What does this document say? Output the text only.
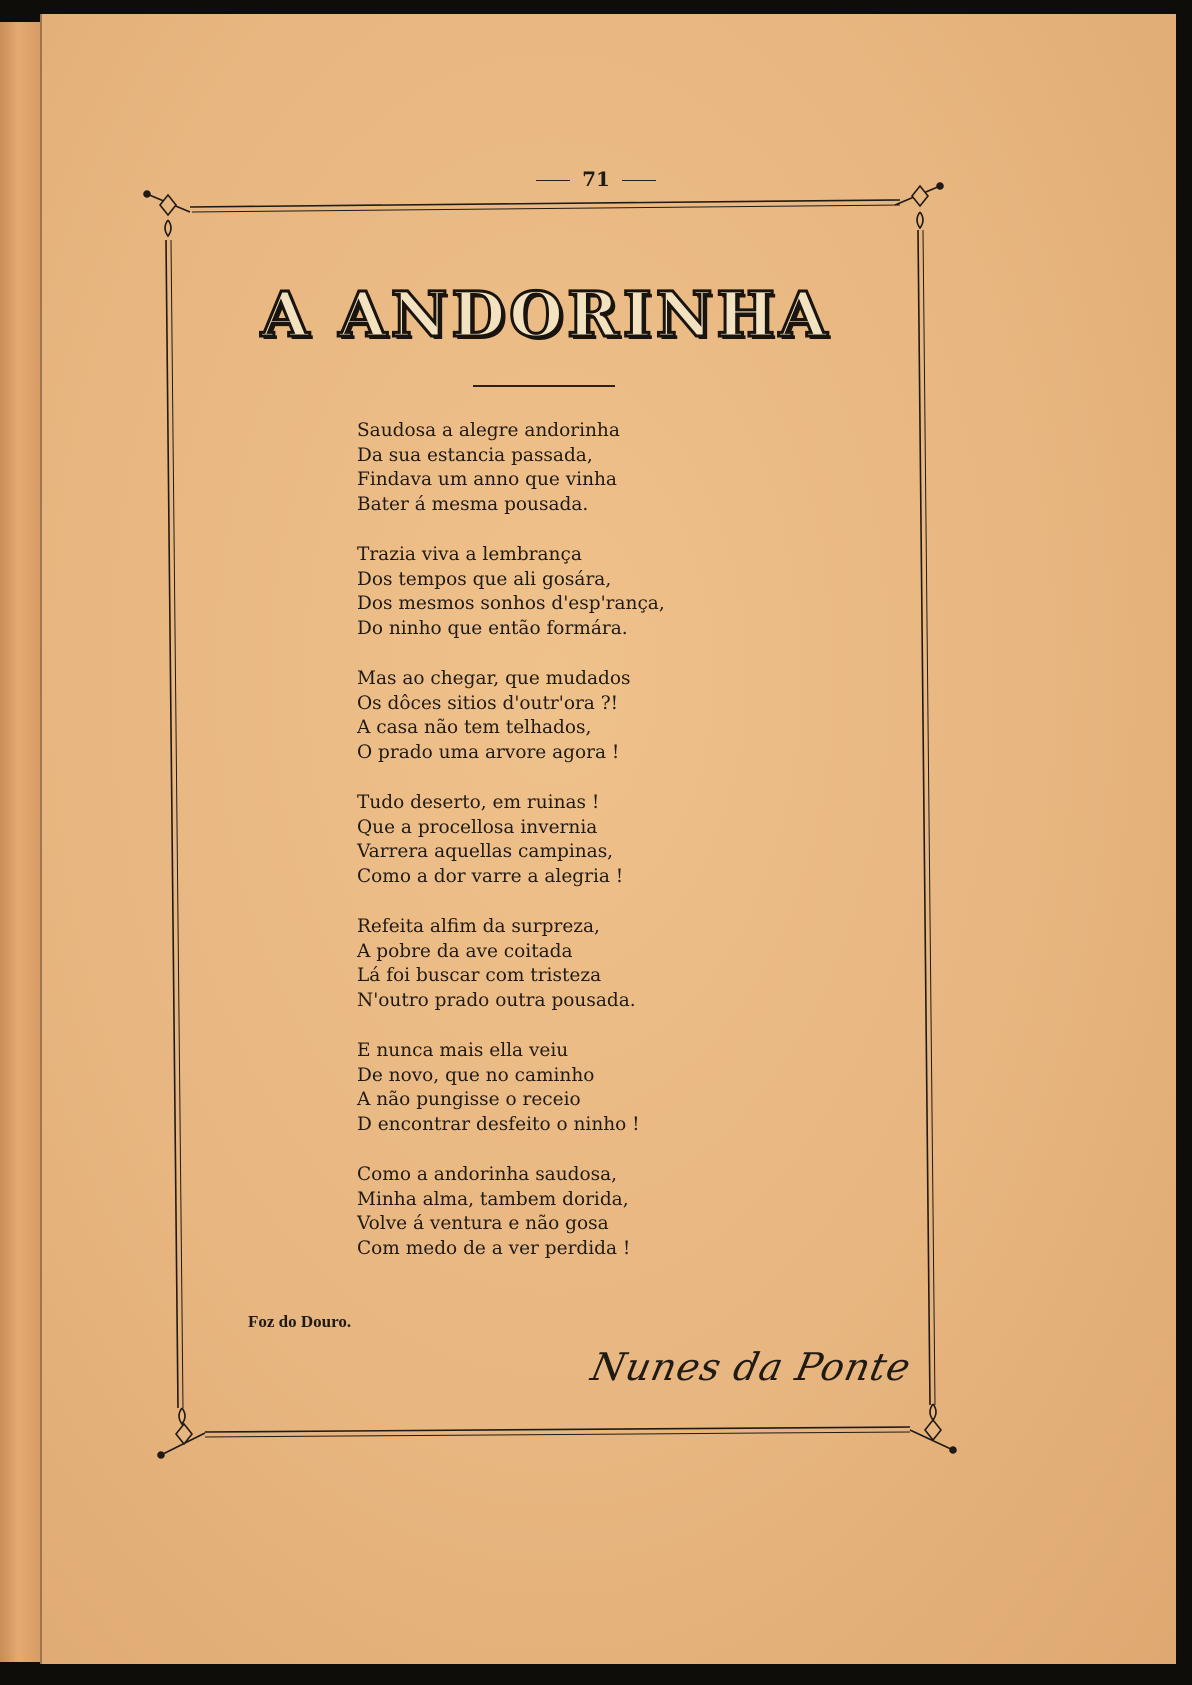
71
A ANDORINHA
Saudosa a alegre andorinha
Da sua estancia passada,
Findava um anno que vinha
Bater á mesma pousada.
Trazia viva a lembrança
Dos tempos que ali gosára,
Dos mesmos sonhos d'esp'rança,
Do ninho que então formára.
Mas ao chegar, que mudados
Os dôces sitios d'outr'ora ?!
A casa não tem telhados,
O prado uma arvore agora !
Tudo deserto, em ruinas !
Que a procellosa invernia
Varrera aquellas campinas,
Como a dor varre a alegria !
Refeita alfim da surpreza,
A pobre da ave coitada
Lá foi buscar com tristeza
N'outro prado outra pousada.
E nunca mais ella veiu
De novo, que no caminho
A não pungisse o receio
D encontrar desfeito o ninho !
Como a andorinha saudosa,
Minha alma, tambem dorida,
Volve á ventura e não gosa
Com medo de a ver perdida !
Foz do Douro.
Nunes da Ponte
